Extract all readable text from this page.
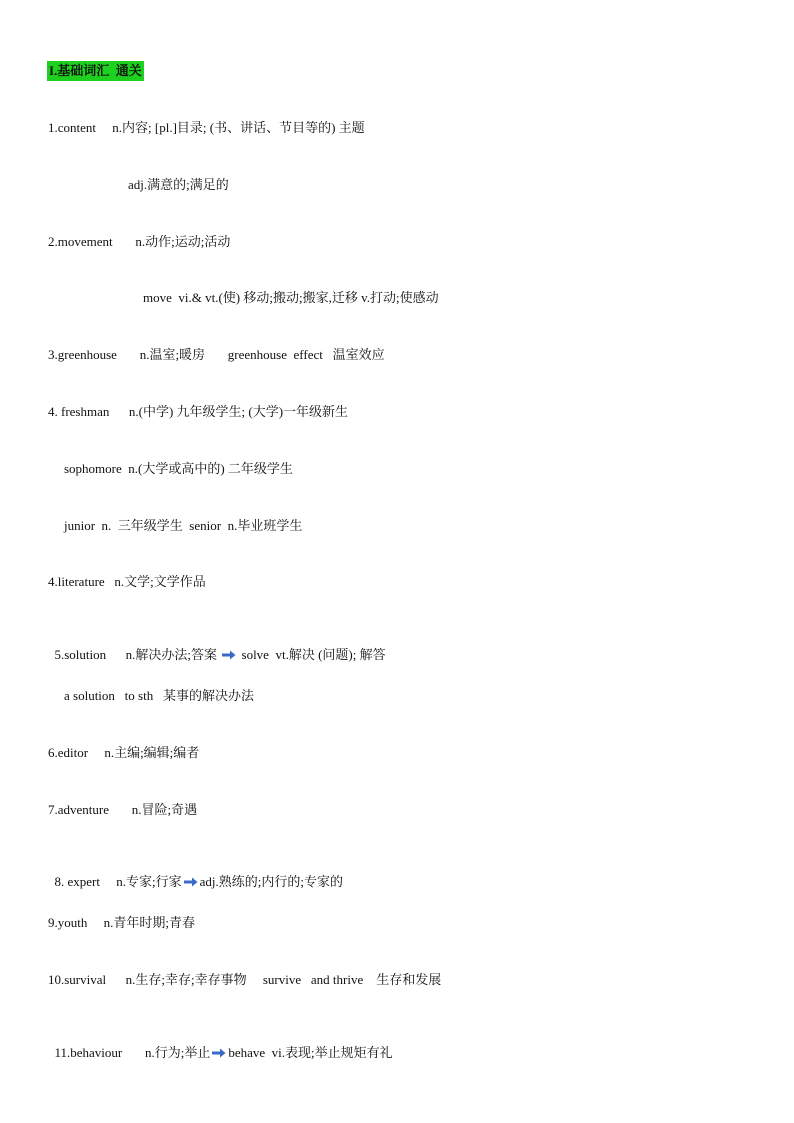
I.基础词汇  通关
1.content     n.内容; [pl.]目录; (书、讲话、节目等的) 主题
adj.满意的;满足的
2.movement       n.动作;运动;活动
move  vi.& vt.(使) 移动;搬动;搬家,迁移 v.打动;使感动
3.greenhouse       n.温室;暖房       greenhouse  effect   温室效应
4. freshman      n.(中学) 九年级学生; (大学)一年级新生
sophomore  n.(大学或高中的) 二年级学生
junior  n.  三年级学生  senior  n.毕业班学生
4.literature   n.文学;文学作品

5.solution      n.解决办法;答案  solve  vt.解决 (问题); 解答

a solution   to sth   某事的解决办法
6.editor     n.主编;编辑;编者
7.adventure       n.冒险;奇遇

8. expert     n.专家;行家 adj.熟练的;内行的;专家的

9.youth     n.青年时期;青春
10.survival      n.生存;幸存;幸存事物     survive   and thrive    生存和发展

11.behaviour       n.行为;举止 behave  vi.表现;举止规矩有礼
